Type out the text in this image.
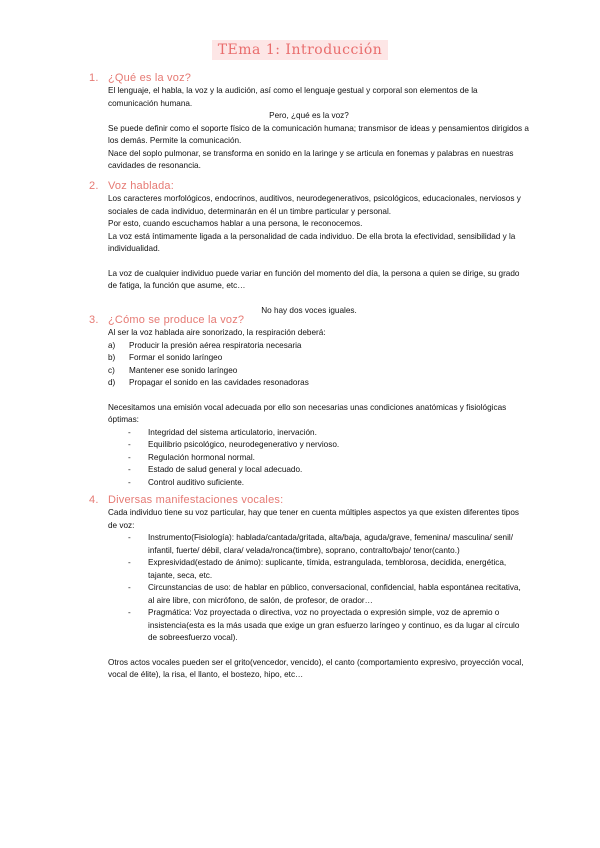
TEma 1: Introducción
1. ¿Qué es la voz?

El lenguaje, el habla, la voz y la audición, así como el lenguaje gestual y corporal son elementos de la comunicación humana.

Pero, ¿qué es la voz?

Se puede definir como el soporte físico de la comunicación humana; transmisor de ideas y pensamientos dirigidos a los demás. Permite la comunicación.

Nace del soplo pulmonar, se transforma en sonido en la laringe y se articula en fonemas y palabras en nuestras cavidades de resonancia.

2. Voz hablada:

Los caracteres morfológicos, endocrinos, auditivos, neurodegenerativos, psicológicos, educacionales, nerviosos y sociales de cada individuo, determinarán en él un timbre particular y personal.

Por esto, cuando escuchamos hablar a una persona, le reconocemos.

La voz está íntimamente ligada a la personalidad de cada individuo. De ella brota la efectividad, sensibilidad y la individualidad.

La voz de cualquier individuo puede variar en función del momento del día, la persona a quien se dirige, su grado de fatiga, la función que asume, etc…

No hay dos voces iguales.

3. ¿Cómo se produce la voz?

Al ser la voz hablada aire sonorizado, la respiración deberá:

a) Producir la presión aérea respiratoria necesaria
b) Formar el sonido laríngeo
c) Mantener ese sonido laríngeo
d) Propagar el sonido en las cavidades resonadoras

Necesitamos una emisión vocal adecuada por ello son necesarias unas condiciones anatómicas y fisiológicas óptimas:

- Integridad del sistema articulatorio, inervación.
- Equilibrio psicológico, neurodegenerativo y nervioso.
- Regulación hormonal normal.
- Estado de salud general y local adecuado.
- Control auditivo suficiente.
4. Diversas manifestaciones vocales:

Cada individuo tiene su voz particular, hay que tener en cuenta múltiples aspectos ya que existen diferentes tipos de voz:

- Instrumento(Fisiología): hablada/cantada/gritada, alta/baja, aguda/grave, femenina/ masculina/ senil/ infantil, fuerte/ débil, clara/ velada/ronca(timbre), soprano, contralto/bajo/ tenor(canto.)
- Expresividad(estado de ánimo): suplicante, tímida, estrangulada, temblorosa, decidida, energética, tajante, seca, etc.
- Circunstancias de uso: de hablar en público, conversacional, confidencial, habla espontánea recitativa, al aire libre, con micrófono, de salón, de profesor, de orador…
- Pragmática: Voz proyectada o directiva, voz no proyectada o expresión simple, voz de apremio o insistencia(esta es la más usada que exige un gran esfuerzo laríngeo y continuo, es da lugar al círculo de sobreesfuerzo vocal).

Otros actos vocales pueden ser el grito(vencedor, vencido), el canto (comportamiento expresivo, proyección vocal, vocal de élite), la risa, el llanto, el bostezo, hipo, etc…
